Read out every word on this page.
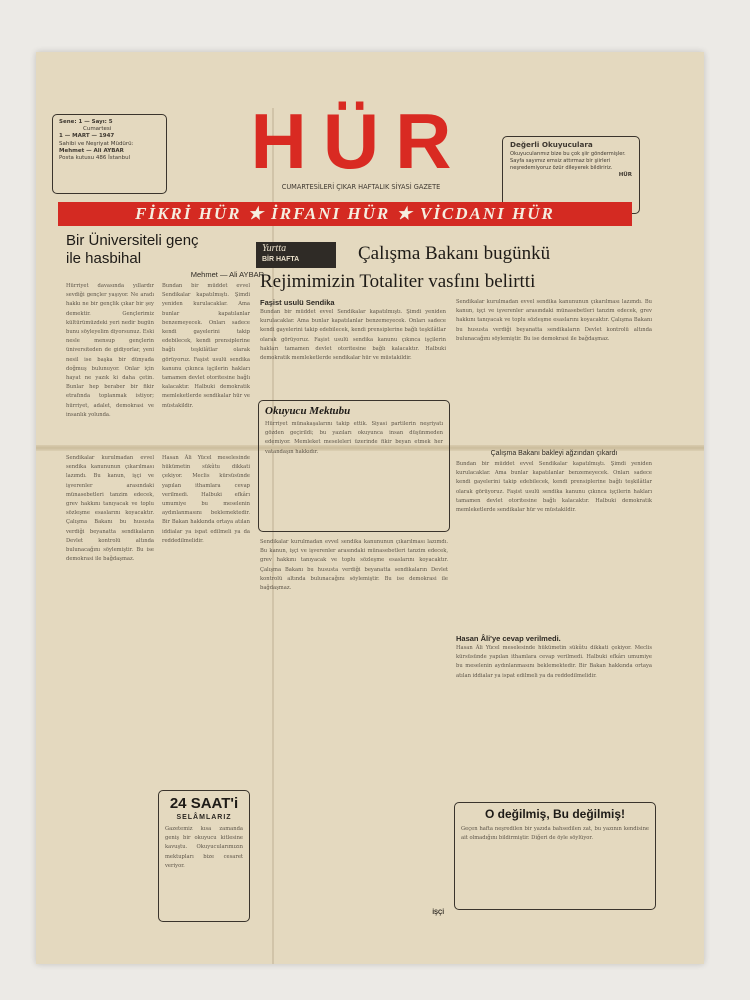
Sene: 1 — Sayı: 5
Cumartesi
1 — MART — 1947
Sahibi ve Neşriyat Müdürü:
Mehmet — Ali AYBAR
Posta kutusu 486 İstanbul	HÜR
CUMARTESİLERİ ÇIKAR HAFTALIK SİYASİ GAZETE
Değerli Okuyuculara
Okuyucularımız bize bu çok şiir göndermişler. Sayfa sayımız emsiz attırmaz bir şiirleri neşredemiyoruz özür dileyerek bildiririz.
HÜR
FİKRİ HÜR ★ İRFANI HÜR ★ VİCDANI HÜR
Bir Üniversiteli genç
ile hasbihal
Mehmet — Ali AYBAR
Hürriyet davasında yıllardır sevdiği gençler yaşıyor. Ne aradı hakkı ne bir gençlik çıkar bir şey demektir. Gençlerimiz kültürümüzdeki yeri nedir bugün bunu söyleyelim diyorsunuz. Eski nesle mensup gençlerin üniversiteden de gidiyorlar, yeni nesil ise başka bir dünyada doğmuş bulunuyor. Onlar için hayat ne yazık ki daha çetin. Bunlar hep beraber bir fikir etrafında toplanmak istiyor; hürriyet, adalet, demokrasi ve insanlık yolunda.
Bundan bir müddet evvel Sendikalar kapatılmıştı. Şimdi yeniden kurulacaklar. Ama bunlar kapatılanlar benzemeyecek. Onları sadece kendi gayelerini takip edebilecek, kendi prensiplerine bağlı teşkilâtlar olarak görüyoruz. Faşist usulü sendika kanunu çıkınca işçilerin hakları tamamen devlet otoritesine bağlı kalacaktır. Halbuki demokratik memleketlerde sendikalar hür ve müstakildir.
Sendikalar kurulmadan evvel sendika kanununun çıkarılması lazımdı. Bu kanun, işçi ve işverenler arasındaki münasebetleri tanzim edecek, grev hakkını tanıyacak ve toplu sözleşme esaslarını koyacaktır. Çalışma Bakanı bu hususta verdiği beyanatta sendikaların Devlet kontrolü altında bulunacağını söylemiştir. Bu ise demokrasi ile bağdaşmaz.
Hasan Âli Yücel meselesinde hükümetin sükûtu dikkati çekiyor. Meclis kürsüsünde yapılan ithamlara cevap verilmedi. Halbuki efkârı umumiye bu meselenin aydınlanmasını beklemektedir. Bir Bakan hakkında ortaya atılan iddialar ya ispat edilmeli ya da reddedilmelidir.
24 SAAT'i
SELÂMLARIZ
Gazetemiz kısa zamanda geniş bir okuyucu kitlesine kavuştu. Okuyucularımızın mektupları bize cesaret veriyor.
Yurtta
BİR HAFTA	Çalışma Bakanı bugünkü
Rejimimizin Totaliter vasfını belirtti
Faşist usulü Sendika
Bundan bir müddet evvel Sendikalar kapatılmıştı. Şimdi yeniden kurulacaklar. Ama bunlar kapatılanlar benzemeyecek. Onları sadece kendi gayelerini takip edebilecek, kendi prensiplerine bağlı teşkilâtlar olarak görüyoruz. Faşist usulü sendika kanunu çıkınca işçilerin hakları tamamen devlet otoritesine bağlı kalacaktır. Halbuki demokratik memleketlerde sendikalar hür ve müstakildir.
Sendikalar kurulmadan evvel sendika kanununun çıkarılması lazımdı. Bu kanun, işçi ve işverenler arasındaki münasebetleri tanzim edecek, grev hakkını tanıyacak ve toplu sözleşme esaslarını koyacaktır. Çalışma Bakanı bu hususta verdiği beyanatta sendikaların Devlet kontrolü altında bulunacağını söylemiştir. Bu ise demokrasi ile bağdaşmaz.
Okuyucu Mektubu
Hürriyet münakaşalarını takip ettik. Siyasi partilerin neşriyatı gözden geçirildi; bu yazıları okuyunca insan düşünmeden edemiyor. Memleket meseleleri üzerinde fikir beyan etmek her vatandaşın hakkıdır.
Sendikalar kurulmadan evvel sendika kanununun çıkarılması lazımdı. Bu kanun, işçi ve işverenler arasındaki münasebetleri tanzim edecek, grev hakkını tanıyacak ve toplu sözleşme esaslarını koyacaktır. Çalışma Bakanı bu hususta verdiği beyanatta sendikaların Devlet kontrolü altında bulunacağını söylemiştir. Bu ise demokrasi ile bağdaşmaz.
Çalışma Bakanı bakleyi ağzından çıkardı
Bundan bir müddet evvel Sendikalar kapatılmıştı. Şimdi yeniden kurulacaklar. Ama bunlar kapatılanlar benzemeyecek. Onları sadece kendi gayelerini takip edebilecek, kendi prensiplerine bağlı teşkilâtlar olarak görüyoruz. Faşist usulü sendika kanunu çıkınca işçilerin hakları tamamen devlet otoritesine bağlı kalacaktır. Halbuki demokratik memleketlerde sendikalar hür ve müstakildir.
Hasan Âli'ye cevap verilmedi.
Hasan Âli Yücel meselesinde hükümetin sükûtu dikkati çekiyor. Meclis kürsüsünde yapılan ithamlara cevap verilmedi. Halbuki efkârı umumiye bu meselenin aydınlanmasını beklemektedir. Bir Bakan hakkında ortaya atılan iddialar ya ispat edilmeli ya da reddedilmelidir.
O değilmiş, Bu değilmiş!
Geçen hafta neşredilen bir yazıda bahsedilen zat, bu yazının kendisine ait olmadığını bildirmiştir. Diğeri de öyle söylüyor.
İŞÇİ
